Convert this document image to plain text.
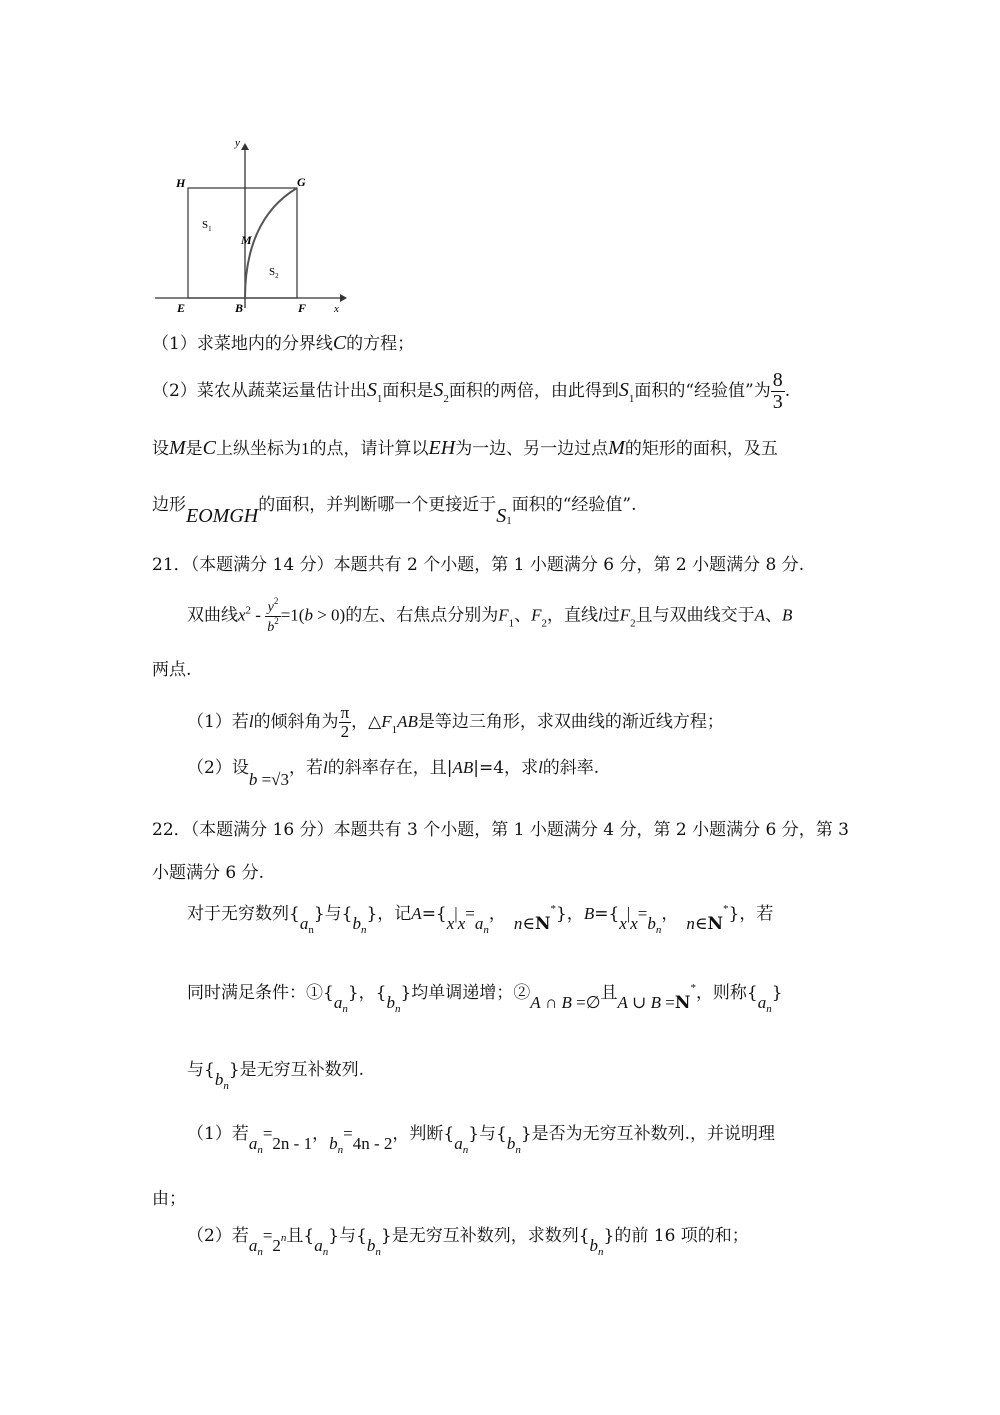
y
H	G
$S_1$
M
$S_2$
E	B	F	x
（1）求菜地内的分界线C的方程；
（2）菜农从蔬菜运量估计出$S_1$面积是$S_2$面积的两倍，由此得到$S_1$面积的“经验值”为 $\frac{8}{3}$ .
设M是C上纵坐标为1的点，请计算以EH为一边、另一边过点M的矩形的面积，及五
边形EOMGH的面积，并判断哪一个更接近于$S_1$面积的“经验值”.
21．（本题满分 14 分）本题共有 2 个小题，第 1 小题满分 6 分，第 2 小题满分 8 分.
双曲线$x^2 - \frac{y^2}{b^2} =1(b > 0)$的左、右焦点分别为$F_1$、$F_2$，直线l过$F_2$且与双曲线交于A、B
两点.
（1）若l的倾斜角为 $\frac{\pi}{2}$ ，$\triangle F_1AB$是等边三角形，求双曲线的渐近线方程；
（2）设b =√3，若l的斜率存在，且|AB|=4，求l的斜率.
22．（本题满分 16 分）本题共有 3 个小题，第 1 小题满分 4 分，第 2 小题满分 6 分，第 3
小题满分 6 分.
对于无穷数列$\{a_n\}$与$\{b_n\}$，记$A=\{x|x=a_n$， n∈N*}，$B=\{x|x=b_n$， n∈N*}，若
同时满足条件：$①\{a_n\}$，$\{b_n\}$均单调递增；②A ∩ B =∅且A ∪ B =N*，则称$\{a_n\}$
与$\{b_n\}$是无穷互补数列.
（1）若$a_n=2n - 1$，$b_n=4n - 2$，判断$\{a_n\}$与$\{b_n\}$是否为无穷互补数列.，并说明理
由；
（2）若$a_n=2n$且$\{a_n\}$与$\{b_n\}$是无穷互补数列，求数列$\{b_n\}$的前 16 项的和；
